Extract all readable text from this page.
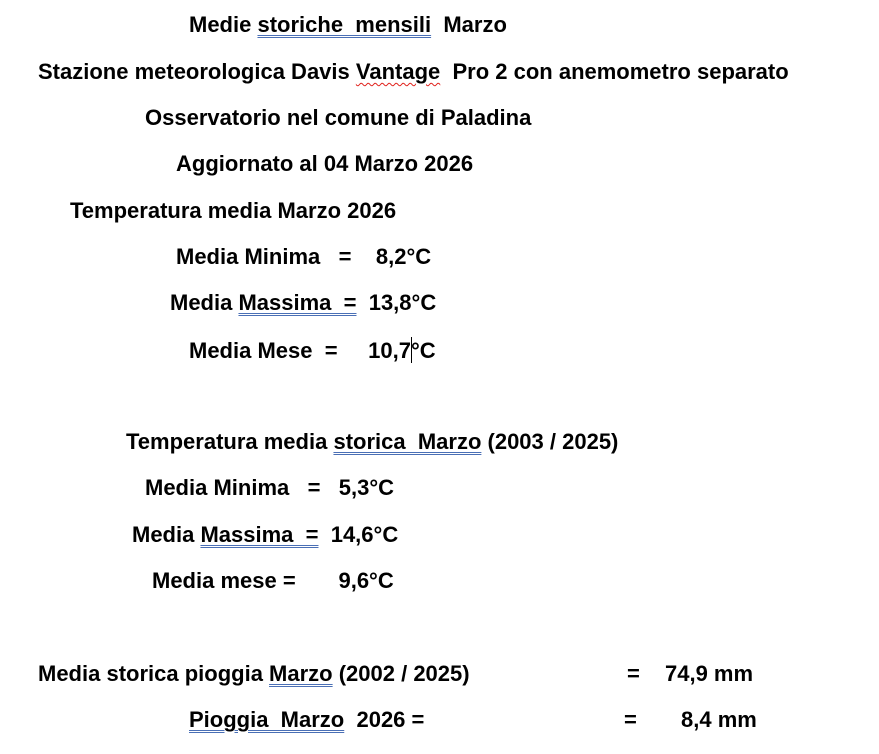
Medie storiche  mensili  Marzo
Stazione meteorologica Davis Vantage  Pro 2 con anemometro separato
Osservatorio nel comune di Paladina
Aggiornato al 04 Marzo 2026
Temperatura media Marzo 2026
Media Minima   =    8,2°C
Media Massima  =  13,8°C
Media Mese  =     10,7°C
Temperatura media storica  Marzo (2003 / 2025)
Media Minima   =   5,3°C
Media Massima  =  14,6°C
Media mese =       9,6°C
Media storica pioggia Marzo (2002 / 2025)	= 74,9 mm
Pioggia  Marzo  2026 =	= 8,4 mm
